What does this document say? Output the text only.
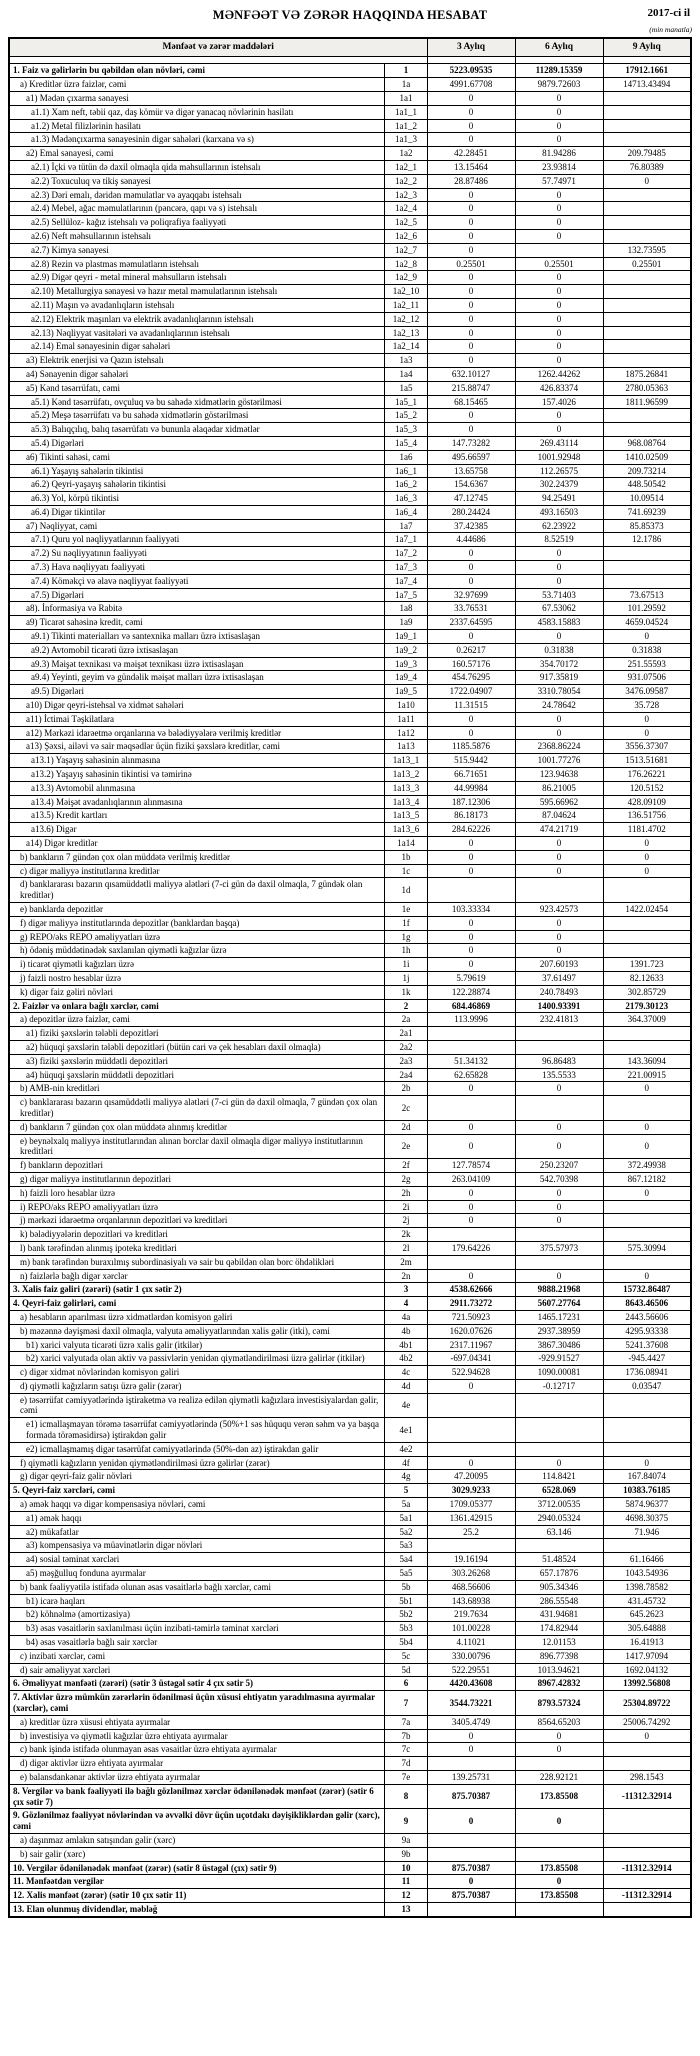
MƏNFƏƏT VƏ ZƏRƏR HAQQINDA HESABAT	2017-ci il
(min manatla)
Mənfəət və zərər maddələri		3 Aylıq	6 Aylıq	9 Aylıq

1. Faiz və gəlirlərin bu qəbildən olan növləri, cəmi	1	5223.09535	11289.15359	17912.1661
a) Kreditlər üzrə faizlər, cəmi	1a	4991.67708	9879.72603	14713.43494
a1) Mədən çıxarma sənayesi	1a1	0	0	
a1.1) Xam neft, təbii qaz, daş kömür və digər yanacaq növlərinin hasilatı	1a1_1	0	0	
a1.2) Metal filizlərinin hasilatı	1a1_2	0	0	
a1.3) Mədənçıxarma sənayesinin digər sahələri (karxana və s)	1a1_3	0	0	
a2) Emal sənayesi, cəmi	1a2	42.28451	81.94286	209.79485
a2.1) İçki və tütün də daxil olmaqla qida məhsullarının istehsalı	1a2_1	13.15464	23.93814	76.80389
a2.2) Toxuculuq və tikiş sənayesi	1a2_2	28.87486	57.74971	0
a2.3) Dəri emalı, dəridən məmulatlar və ayaqqabı istehsalı	1a2_3	0	0	
a2.4) Mebel, ağac məmulatlarının (pəncərə, qapı və s) istehsalı	1a2_4	0	0	
a2.5) Sellüloz- kağız istehsalı və poliqrafiya fəaliyyəti	1a2_5	0	0	
a2.6) Neft məhsullarının istehsalı	1a2_6	0	0	
a2.7) Kimya sənayesi	1a2_7	0		132.73595
a2.8) Rezin və plastmas məmulatların istehsalı	1a2_8	0.25501	0.25501	0.25501
a2.9) Digər qeyri - metal mineral məhsulların istehsalı	1a2_9	0	0	
a2.10) Metallurgiya sənayesi və hazır metal məmulatlarının istehsalı	1a2_10	0	0	
a2.11) Maşın və avadanlıqların istehsalı	1a2_11	0	0	
a2.12) Elektrik maşınları və elektrik avadanlıqlarının istehsalı	1a2_12	0	0	
a2.13) Nəqliyyat vasitələri və avadanlıqlarının istehsalı	1a2_13	0	0	
a2.14) Emal sənayesinin digər sahələri	1a2_14	0	0	
a3) Elektrik enerjisi və Qazın istehsalı	1a3	0	0	
a4) Sənayenin digər sahələri	1a4	632.10127	1262.44262	1875.26841
a5) Kənd təsərrüfatı, cəmi	1a5	215.88747	426.83374	2780.05363
a5.1) Kənd təsərrüfatı, ovçuluq və bu sahədə xidmətlərin göstərilməsi	1a5_1	68.15465	157.4026	1811.96599
a5.2) Meşə təsərrüfatı və bu sahədə xidmətlərin göstərilməsi	1a5_2	0	0	
a5.3) Balıqçılıq, balıq təsərrüfatı və bununla əlaqədar xidmətlər	1a5_3	0	0	
a5.4) Digərləri	1a5_4	147.73282	269.43114	968.08764
a6) Tikinti sahəsi, cəmi	1a6	495.66597	1001.92948	1410.02509
a6.1) Yaşayış sahələrin tikintisi	1a6_1	13.65758	112.26575	209.73214
a6.2) Qeyri-yaşayış sahələrin tikintisi	1a6_2	154.6367	302.24379	448.50542
a6.3) Yol, körpü tikintisi	1a6_3	47.12745	94.25491	10.09514
a6.4) Digər tikintilər	1a6_4	280.24424	493.16503	741.69239
a7) Nəqliyyat, cəmi	1a7	37.42385	62.23922	85.85373
a7.1) Quru yol nəqliyyatlarının fəaliyyəti	1a7_1	4.44686	8.52519	12.1786
a7.2) Su nəqliyyatının fəaliyyəti	1a7_2	0	0	
a7.3) Hava nəqliyyatı fəaliyyəti	1a7_3	0	0	
a7.4) Köməkçi və əlavə nəqliyyat fəaliyyəti	1a7_4	0	0	
a7.5) Digərləri	1a7_5	32.97699	53.71403	73.67513
a8). İnformasiya və Rabitə	1a8	33.76531	67.53062	101.29592
a9) Ticarət sahəsinə kredit, cəmi	1a9	2337.64595	4583.15883	4659.04524
a9.1) Tikinti materialları və santexnika malları üzrə ixtisaslaşan	1a9_1	0	0	0
a9.2) Avtomobil ticarəti üzrə ixtisaslaşan	1a9_2	0.26217	0.31838	0.31838
a9.3) Məişət texnikası və məişət texnikası üzrə ixtisaslaşan	1a9_3	160.57176	354.70172	251.55593
a9.4) Yeyinti, geyim və gündəlik məişət malları üzrə ixtisaslaşan	1a9_4	454.76295	917.35819	931.07506
a9.5) Digərləri	1a9_5	1722.04907	3310.78054	3476.09587
a10) Digər qeyri-istehsal və xidmət sahələri	1a10	11.31515	24.78642	35.728
a11) İctimai Təşkilatlara	1a11	0	0	0
a12) Mərkəzi idarəetmə orqanlarına və bələdiyyələrə verilmiş kreditlər	1a12	0	0	0
a13) Şəxsi, ailəvi və sair məqsədlər üçün fiziki şəxslərə kreditlər, cəmi	1a13	1185.5876	2368.86224	3556.37307
a13.1) Yaşayış sahəsinin alınmasına	1a13_1	515.9442	1001.77276	1513.51681
a13.2) Yaşayış sahəsinin tikintisi və təmirinə	1a13_2	66.71651	123.94638	176.26221
a13.3) Avtomobil alınmasına	1a13_3	44.99984	86.21005	120.5152
a13.4) Məişət avadanlıqlarının alınmasına	1a13_4	187.12306	595.66962	428.09109
a13.5) Kredit kartları	1a13_5	86.18173	87.04624	136.51756
a13.6) Digər	1a13_6	284.62226	474.21719	1181.4702
a14) Digər kreditlər	1a14	0	0	0
b) bankların 7 gündən çox olan müddətə verilmiş kreditlər	1b	0	0	0
c) digər maliyyə institutlarına kreditlər	1c	0	0	0
d) banklararası bazarın qısamüddətli maliyyə alətləri (7-ci gün də daxil olmaqla, 7 gündək olan kreditlər)	1d			
e) banklarda depozitlər	1e	103.33334	923.42573	1422.02454
f) digər maliyyə institutlarında depozitlər (banklardan başqa)	1f	0	0	
g) REPO/əks REPO əməliyyatları üzrə	1g	0	0	
h) ödəniş müddətinədək saxlanılan qiymətli kağızlar üzrə	1h	0	0	
i) ticarət qiymətli kağızları üzrə	1i	0	207.60193	1391.723
j) faizli nostro hesablar üzrə	1j	5.79619	37.61497	82.12633
k) digər faiz gəliri növləri	1k	122.28874	240.78493	302.85729
2. Faizlər və onlara bağlı xərclər, cəmi	2	684.46869	1400.93391	2179.30123
a) depozitlər üzrə faizlər, cəmi	2a	113.9996	232.41813	364.37009
a1) fiziki şəxslərin tələbli depozitləri	2a1			
a2) hüquqi şəxslərin tələbli depozitləri (bütün cari və çek hesabları daxil olmaqla)	2a2			
a3) fiziki şəxslərin müddətli depozitləri	2a3	51.34132	96.86483	143.36094
a4) hüquqi şəxslərin müddətli depozitləri	2a4	62.65828	135.5533	221.00915
b) AMB-nin kreditləri	2b	0	0	0
c) banklararası bazarın qısamüddətli maliyyə alətləri (7-ci gün də daxil olmaqla, 7 gündən çox olan kreditlər)	2c			
d) bankların 7 gündən çox olan müddətə alınmış kreditlər	2d	0	0	0
e) beynəlxalq maliyyə institutlarından alınan borclar daxil olmaqla digər maliyyə institutlarının kreditləri	2e	0	0	0
f) bankların depozitləri	2f	127.78574	250.23207	372.49938
g) digər maliyyə institutlarının depozitləri	2g	263.04109	542.70398	867.12182
h) faizli loro hesablar üzrə	2h	0	0	0
i) REPO/əks REPO əməliyyatları üzrə	2i	0	0	
j) mərkəzi idarəetmə orqanlarının depozitləri və kreditləri	2j	0	0	
k) bələdiyyələrin depozitləri və kreditləri	2k			
l) bank tərəfindən alınmış ipoteka kreditləri	2l	179.64226	375.57973	575.30994
m) bank tərəfindən buraxılmış subordinasiyalı və sair bu qəbildən olan borc öhdəlikləri	2m			
n) faizlərlə bağlı digər xərclər	2n	0	0	0
3. Xalis faiz gəliri (zərəri) (sətir 1 çıx sətir 2)	3	4538.62666	9888.21968	15732.86487
4. Qeyri-faiz gəlirləri, cəmi	4	2911.73272	5607.27764	8643.46506
a) hesabların aparılması üzrə xidmətlərdən komisyon gəliri	4a	721.50923	1465.17231	2443.56606
b) məzənnə dəyişməsi daxil olmaqla, valyuta əməliyyatlarından xalis gəlir (itki), cəmi	4b	1620.07626	2937.38959	4295.93338
b1) xarici valyuta ticarəti üzrə xalis gəlir (itkilər)	4b1	2317.11967	3867.30486	5241.37608
b2) xarici valyutada olan aktiv və passivlərin yenidən qiymətləndirilməsi üzrə gəlirlər (itkilər)	4b2	-697.04341	-929.91527	-945.4427
c) digər xidmət növlərindən komisyon gəliri	4c	522.94628	1090.00081	1736.08941
d) qiymətli kağızların satışı üzrə gəlir (zərər)	4d	0	-0.12717	0.03547
e) təsərrüfat cəmiyyətlərində iştiraketmə və realizə edilən qiymətli kağızlara investisiyalardan gəlir, cəmi	4e			
e1) icmallaşmayan törəmə təsərrüfat cəmiyyətlərində (50%+1 səs hüququ verən səhm və ya başqa formada törəməsidirsə) iştirakdən gəlir	4e1			
e2) icmallaşmamış digər təsərrüfat cəmiyyətlərində (50%-dən az) iştirakdan gəlir	4e2			
f) qiymətli kağızların yenidən qiymətləndirilməsi üzrə gəlirlər (zərər)	4f	0	0	0
g) digər qeyri-faiz gəlir növləri	4g	47.20095	114.8421	167.84074
5. Qeyri-faiz xərcləri, cəmi	5	3029.9233	6528.069	10383.76185
a) əmək haqqı və digər kompensasiya növləri, cəmi	5a	1709.05377	3712.00535	5874.96377
a1) əmək haqqı	5a1	1361.42915	2940.05324	4698.30375
a2) mükafatlar	5a2	25.2	63.146	71.946
a3) kompensasiya və müavinətlərin digər növləri	5a3			
a4) sosial təminat xərcləri	5a4	19.16194	51.48524	61.16466
a5) məşğulluq fonduna ayırmalar	5a5	303.26268	657.17876	1043.54936
b) bank fəaliyyətilə istifadə olunan əsas vəsaitlərlə bağlı xərclər, cəmi	5b	468.56606	905.34346	1398.78582
b1) icarə haqları	5b1	143.68938	286.55548	431.45732
b2) köhnəlmə (amortizasiya)	5b2	219.7634	431.94681	645.2623
b3) əsas vəsaitlərin saxlanılması üçün inzibati-təmirlə təminat xərcləri	5b3	101.00228	174.82944	305.64888
b4) əsas vəsaitlərlə bağlı sair xərclər	5b4	4.11021	12.01153	16.41913
c) inzibati xərclər, cəmi	5c	330.00796	896.77398	1417.97094
d) sair əməliyyat xərcləri	5d	522.29551	1013.94621	1692.04132
6. Əməliyyat mənfəəti (zərəri) (sətir 3 üstəgəl sətir 4 çıx sətir 5)	6	4420.43608	8967.42832	13992.56808
7. Aktivlər üzrə mümkün zərərlərin ödənilməsi üçün xüsusi ehtiyatın yaradılmasına ayırmalar (xərclər), cəmi	7	3544.73221	8793.57324	25304.89722
a) kreditlər üzrə xüsusi ehtiyata ayırmalar	7a	3405.4749	8564.65203	25006.74292
b) investisiya və qiymətli kağızlar üzrə ehtiyata ayırmalar	7b	0	0	0
c) bank işində istifadə olunmayan əsas vəsaitlər üzrə ehtiyata ayırmalar	7c	0	0	
d) digər aktivlər üzrə ehtiyata ayırmalar	7d			
e) balansdankənar aktivlər üzrə ehtiyata ayırmalar	7e	139.25731	228.92121	298.1543
8. Vergilər və bank fəaliyyəti ilə bağlı gözlənilməz xərclər ödənilənədək mənfəət (zərər) (sətir 6 çıx sətir 7)	8	875.70387	173.85508	-11312.32914
9. Gözlənilməz fəaliyyət növlərindən və əvvəlki dövr üçün uçotdakı dəyişikliklərdən gəlir (xərc), cəmi	9	0	0	
a) daşınmaz əmlakın satışından gəlir (xərc)	9a			
b) sair gəlir (xərc)	9b			
10. Vergilər ödənilənədək mənfəət (zərər) (sətir 8 üstəgəl (çıx) sətir 9)	10	875.70387	173.85508	-11312.32914
11. Mənfəətdən vergilər	11	0	0	
12. Xalis mənfəət (zərər) (sətir 10 çıx sətir 11)	12	875.70387	173.85508	-11312.32914
13. Elan olunmuş dividendlər, məbləğ	13			
